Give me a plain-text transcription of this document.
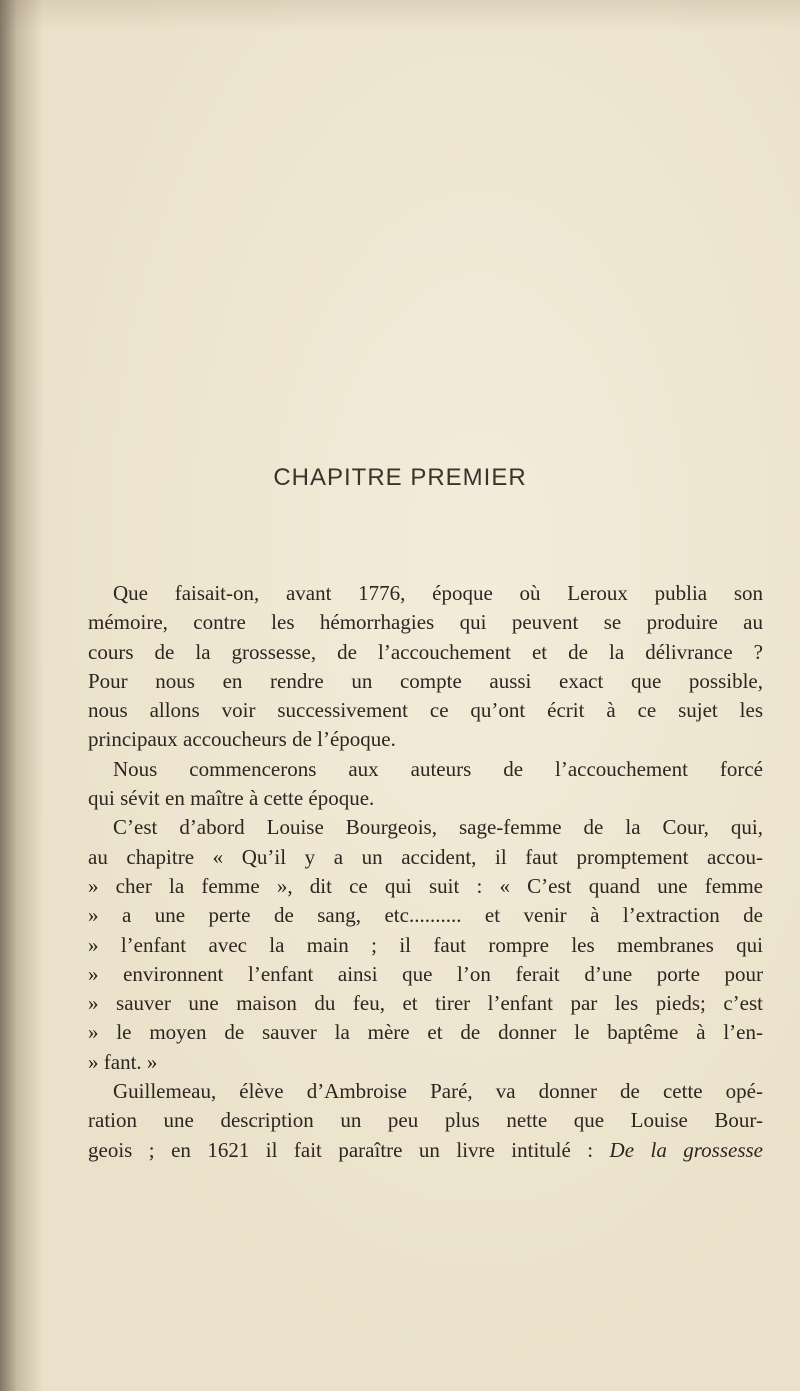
CHAPITRE PREMIER
Que faisait-on, avant 1776, époque où Leroux publia son
mémoire, contre les hémorrhagies qui peuvent se produire au
cours de la grossesse, de l’accouchement et de la délivrance ?
Pour nous en rendre un compte aussi exact que possible,
nous allons voir successivement ce qu’ont écrit à ce sujet les
principaux accoucheurs de l’époque.
Nous commencerons aux auteurs de l’accouchement forcé
qui sévit en maître à cette époque.
C’est d’abord Louise Bourgeois, sage-femme de la Cour, qui,
au chapitre « Qu’il y a un accident, il faut promptement accou-
» cher la femme », dit ce qui suit : « C’est quand une femme
» a une perte de sang, etc.......... et venir à l’extraction de
» l’enfant avec la main ; il faut rompre les membranes qui
» environnent l’enfant ainsi que l’on ferait d’une porte pour
» sauver une maison du feu, et tirer l’enfant par les pieds; c’est
» le moyen de sauver la mère et de donner le baptême à l’en-
» fant. »
Guillemeau, élève d’Ambroise Paré, va donner de cette opé-
ration une description un peu plus nette que Louise Bour-
geois ; en 1621 il fait paraître un livre intitulé : De la grossesse
